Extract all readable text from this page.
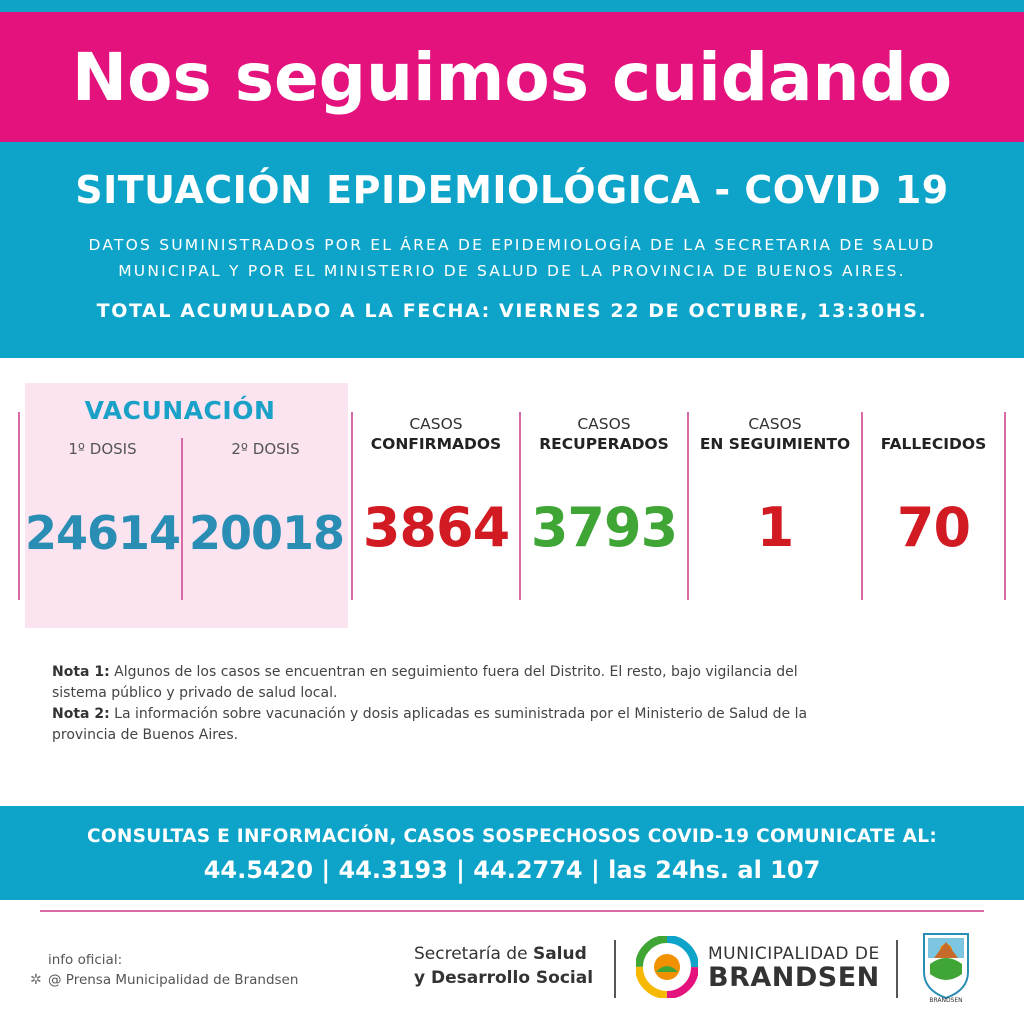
Nos seguimos cuidando
SITUACIÓN EPIDEMIOLÓGICA - COVID 19
DATOS SUMINISTRADOS POR EL ÁREA DE EPIDEMIOLOGÍA DE LA SECRETARIA DE SALUD
MUNICIPAL Y POR EL MINISTERIO DE SALUD DE LA PROVINCIA DE BUENOS AIRES.
TOTAL ACUMULADO A LA FECHA: VIERNES 22 DE OCTUBRE, 13:30HS.
VACUNACIÓN
1º DOSIS	2º DOSIS
24614 20018
CASOS
CONFIRMADOS
3864
CASOS
RECUPERADOS
3793
CASOS
EN SEGUIMIENTO
1

FALLECIDOS
70
Nota 1: Algunos de los casos se encuentran en seguimiento fuera del Distrito. El resto, bajo vigilancia del sistema público y privado de salud local.
Nota 2: La información sobre vacunación y dosis aplicadas es suministrada por el Ministerio de Salud de la provincia de Buenos Aires.
CONSULTAS E INFORMACIÓN, CASOS SOSPECHOSOS COVID-19 COMUNICATE AL:
44.5420 | 44.3193 | 44.2774 | las 24hs. al 107
info oficial:
✲ @ Prensa Municipalidad de Brandsen
Secretaría de Salud
y Desarrollo Social
MUNICIPALIDAD DE
BRANDSEN
BRANDSEN
